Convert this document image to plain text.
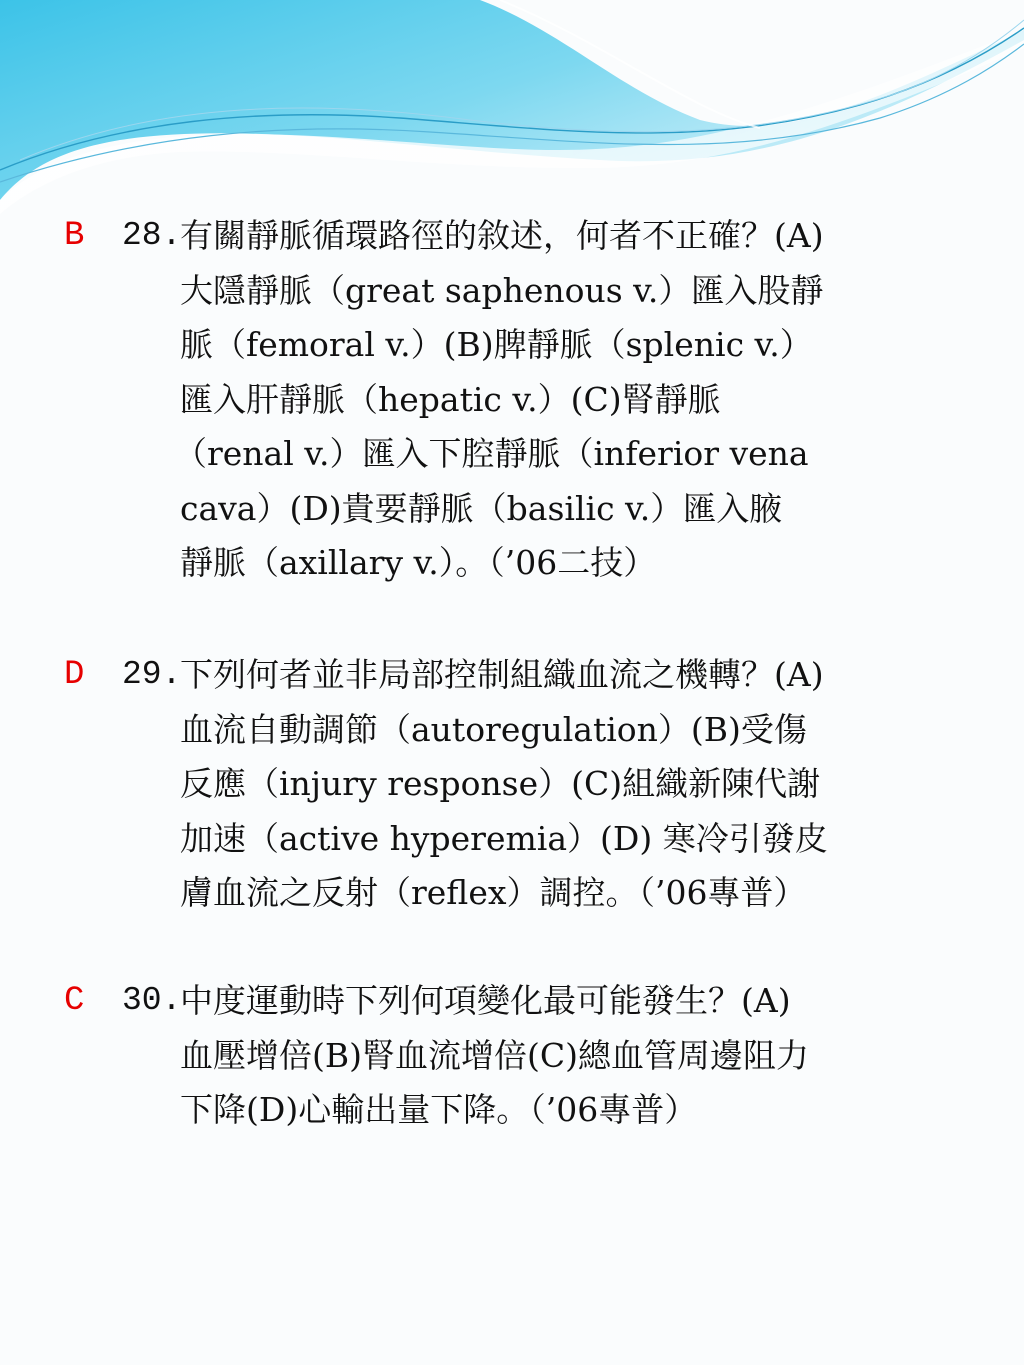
B 28.
有關靜脈循環路徑的敘述，何者不正確？(A)
大隱靜脈（great saphenous v.）匯入股靜
脈（femoral v.）(B)脾靜脈（splenic v.）
匯入肝靜脈（hepatic v.）(C)腎靜脈
（renal v.）匯入下腔靜脈（inferior vena
cava）(D)貴要靜脈（basilic v.）匯入腋
靜脈（axillary v.）。（’06二技）
D 29.
下列何者並非局部控制組織血流之機轉？(A)
血流自動調節（autoregulation）(B)受傷
反應（injury response）(C)組織新陳代謝
加速（active hyperemia）(D) 寒冷引發皮
膚血流之反射（reflex）調控。（’06專普）
C 30.
中度運動時下列何項變化最可能發生？(A)
血壓增倍(B)腎血流增倍(C)總血管周邊阻力
下降(D)心輸出量下降。（’06專普）
